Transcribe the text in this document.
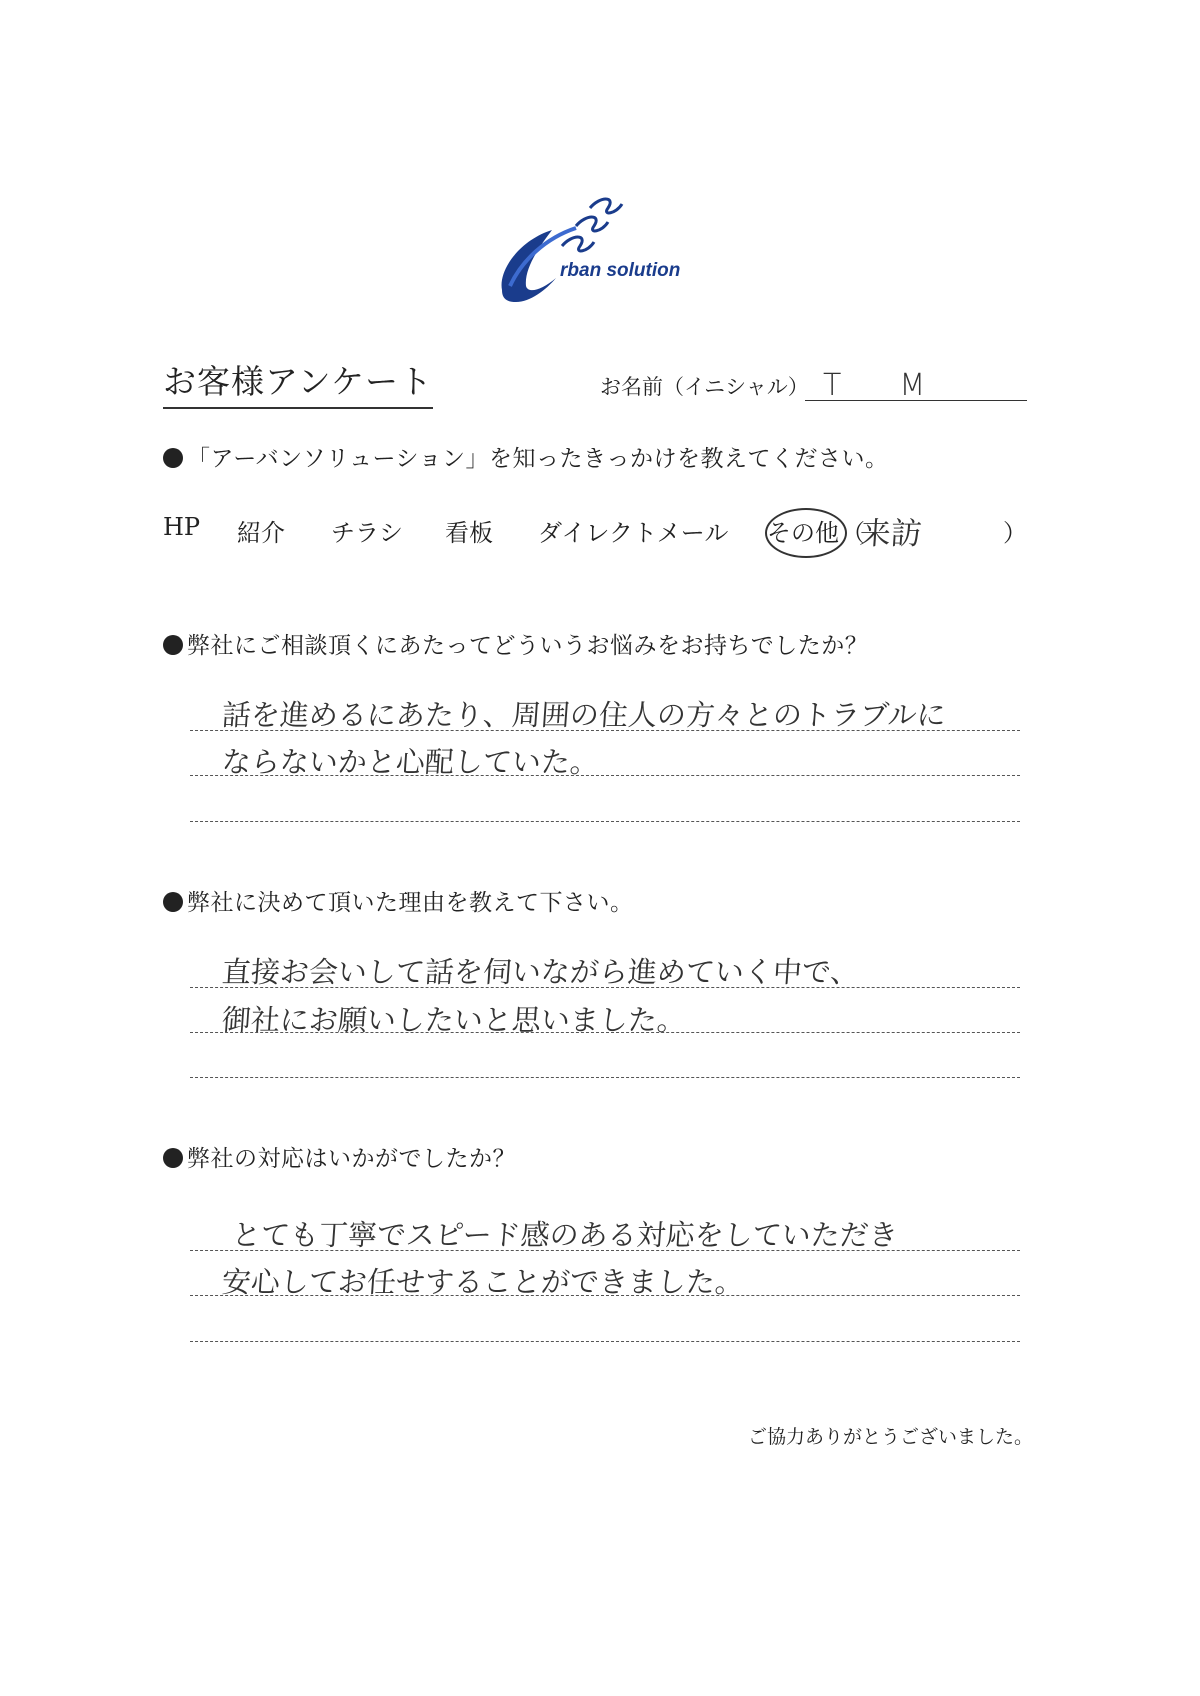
rban solution
お客様アンケート	お名前（イニシャル） T　M
「アーバンソリューション」を知ったきっかけを教えてください。
HP 紹介 チラシ 看板 ダイレクトメール その他 （	）
来訪
弊社にご相談頂くにあたってどういうお悩みをお持ちでしたか？
話を進めるにあたり、周囲の住人の方々とのトラブルに
ならないかと心配していた。
弊社に決めて頂いた理由を教えて下さい。
直接お会いして話を伺いながら進めていく中で、
御社にお願いしたいと思いました。
弊社の対応はいかがでしたか？
とても丁寧でスピード感のある対応をしていただき
安心してお任せすることができました。
ご協力ありがとうございました。
